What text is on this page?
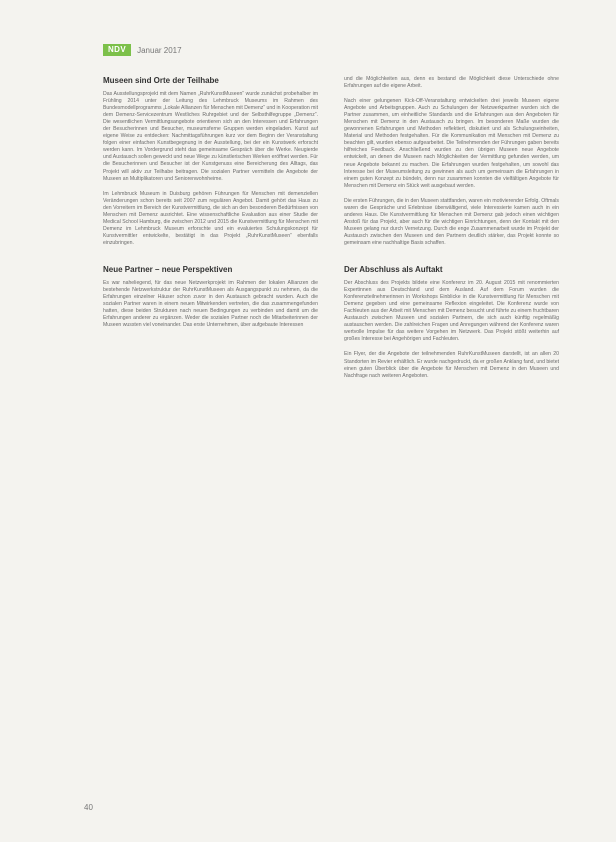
NDV	Januar 2017
Museen sind Orte der Teilhabe

Das Ausstellungsprojekt mit dem Namen „RuhrKunstMuseen“ wurde zunächst probehalber im Frühling 2014 unter der Leitung des Lehmbruck Museums im Rahmen des Bundesmodellprogramms „Lokale Allianzen für Menschen mit Demenz“ und in Kooperation mit dem Demenz-Servicezentrum Westliches Ruhrgebiet und der Selbsthilfegruppe „Demenz“. Die wesentlichen Vermittlungsangebote orientieren sich an den Interessen und Erfahrungen der Besucherinnen und Besucher, museumsferne Gruppen werden eingeladen. Kunst auf eigene Weise zu entdecken: Nachmittagsführungen kurz vor dem Beginn der Veranstaltung folgen einer einfachen Kunstbegegnung in der Ausstellung, bei der ein Kunstwerk erforscht werden kann. Im Vordergrund steht das gemeinsame Gespräch über die Werke. Neugierde und Austausch sollen geweckt und neue Wege zu künstlerischen Werken eröffnet werden. Für die Besucherinnen und Besucher ist der Kunstgenuss eine Bereicherung des Alltags, das Projekt will aktiv zur Teilhabe beitragen. Die sozialen Partner vermitteln die Angebote der Museen an Multiplikatoren und Seniorenwohnheime.

Im Lehmbruck Museum in Duisburg gehören Führungen für Menschen mit demenziellen Veränderungen schon bereits seit 2007 zum regulären Angebot. Damit gehört das Haus zu den Vorreitern im Bereich der Kunstvermittlung, die sich an den besonderen Bedürfnissen von Menschen mit Demenz ausrichtet. Eine wissenschaftliche Evaluation aus einer Studie der Medical School Hamburg, die zwischen 2012 und 2015 die Kunstvermittlung für Menschen mit Demenz im Lehmbruck Museum erforschte und ein evaluiertes Schulungskonzept für Kunstvermittler entwickelte, bestätigt in das Projekt „RuhrKunstMuseen“ ebenfalls einzubringen.

Neue Partner – neue Perspektiven

Es war naheliegend, für das neue Netzwerkprojekt im Rahmen der lokalen Allianzen die bestehende Netzwerkstruktur der RuhrKunstMuseen als Ausgangspunkt zu nehmen, da die Erfahrungen einzelner Häuser schon zuvor in den Austausch gebracht wurden. Auch die sozialen Partner waren in einem neuen Mitwirkenden vertreten, die das zusammengefunden hatten, diese beiden Strukturen nach neuen Bedingungen zu verbinden und damit um die Erfahrungen anderer zu ergänzen. Weder die sozialen Partner noch die Mitarbeiterinnen der Museen wussten viel voneinander. Das erste Unternehmen, über aufgebaute Interessen

und die Möglichkeiten aus, denn es bestand die Möglichkeit diese Unterschiede ohne Erfahrungen auf die eigene Arbeit.

Nach einer gelungenen Kick-Off-Veranstaltung entwickelten drei jeweils Museen eigene Angebote und Arbeitsgruppen. Auch zu Schulungen der Netzwerkpartner wurden sich die Partner zusammen, um einheitliche Standards und die Erfahrungen aus den Angeboten für Menschen mit Demenz in den Austausch zu bringen. Im besonderen Maße wurden die gewonnenen Erfahrungen und Methoden reflektiert, diskutiert und als Schulungseinheiten, Material und Methoden festgehalten. Für die Kommunikation mit Menschen mit Demenz zu beachten gilt, wurden ebenso aufgearbeitet. Die Teilnehmenden der Führungen gaben bereits hilfreiches Feedback. Anschließend wurden zu den übrigen Museen neue Angebote entwickelt, an denen die Museen nach Möglichkeiten der Vermittlung gefunden werden, um neue Angebote bekannt zu machen. Die Erfahrungen wurden festgehalten, um sowohl das Interesse bei der Museumsleitung zu gewinnen als auch um gemeinsam die Erfahrungen in einem guten Konzept zu bündeln, denn nur zusammen konnten die vielfältigen Angebote für Menschen mit Demenz ein Stück weit ausgebaut werden.

Die ersten Führungen, die in den Museen stattfanden, waren ein motivierender Erfolg. Oftmals waren die Gespräche und Erlebnisse überwältigend, viele Interessierte kamen auch in ein anderes Haus. Die Kunstvermittlung für Menschen mit Demenz gab jedoch einen wichtigen Anstoß für das Projekt, aber auch für die wichtigen Einrichtungen, denn der Kontakt mit den Museen gelang nur durch Vernetzung. Durch die enge Zusammenarbeit wurde im Projekt der Austausch zwischen den Museen und den Partnern deutlich stärker, das Projekt konnte so gemeinsam eine nachhaltige Basis schaffen.

Der Abschluss als Auftakt

Der Abschluss des Projekts bildete eine Konferenz im 20. August 2015 mit renommierten Expertinnen aus Deutschland und dem Ausland. Auf dem Forum wurden die Konferenzteilnehmerinnen in Workshops Einblicke in die Kunstvermittlung für Menschen mit Demenz gegeben und eine gemeinsame Reflexion eingeleitet. Die Konferenz wurde von Fachleuten aus der Arbeit mit Menschen mit Demenz besucht und führte zu einem fruchtbaren Austausch zwischen Museen und sozialen Partnern, die sich auch künftig regelmäßig austauschen werden. Die zahlreichen Fragen und Anregungen während der Konferenz waren wertvolle Impulse für das weitere Vorgehen im Netzwerk. Das Projekt stößt weiterhin auf großes Interesse bei Angehörigen und Fachleuten.

Ein Flyer, der die Angebote der teilnehmenden RuhrKunstMuseen darstellt, ist an allen 20 Standorten im Revier erhältlich. Er wurde nachgedruckt, da er großen Anklang fand, und bietet einen guten Überblick über die Angebote für Menschen mit Demenz in den Museen und Nachfrage nach weiteren Angeboten.

40
